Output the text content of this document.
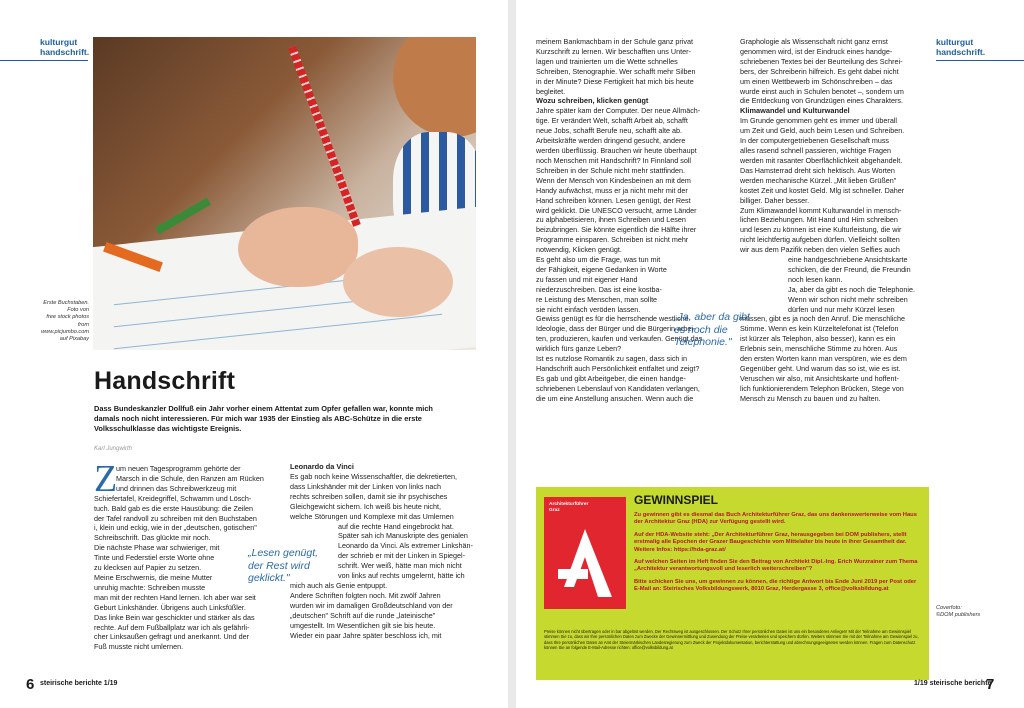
kulturgut
handschrift.
Erste Buchstaben.
Foto von
free stock photos
from
www.picjumbo.com
auf Pixabay
Handschrift
Dass Bundeskanzler Dollfuß ein Jahr vorher einem Attentat zum Opfer gefallen war, konnte mich damals noch nicht interessieren. Für mich war 1935 der Einstieg als ABC-Schütze in die erste Volksschulklasse das wichtigste Ereignis.
Karl Jungwirth
Z

um neuen Tagesprogramm gehörte der

Marsch in die Schule, den Ranzen am Rücken

und drinnen das Schreibwerkzeug mit

Schiefertafel, Kreidegriffel, Schwamm und Lösch-

tuch. Bald gab es die erste Hausübung: die Zeilen

der Tafel randvoll zu schreiben mit den Buchstaben

i, klein und eckig, wie in der „deutschen, gotischen"

Schreibschrift. Das glückte mir noch.

Die nächste Phase war schwieriger, mit

Tinte und Federstiel erste Worte ohne

zu klecksen auf Papier zu setzen.

Meine Erschwernis, die meine Mutter

unruhig machte: Schreiben musste

man mit der rechten Hand lernen. Ich aber war seit

Geburt Linkshänder. Übrigens auch Linksfüßler.

Das linke Bein war geschickter und stärker als das

rechte. Auf dem Fußballplatz war ich als gefährli-

cher Linksaußen gefragt und anerkannt. Und der

Fuß musste nicht umlernen.

„Lesen genügt, der Rest wird geklickt."

Leonardo da Vinci

Es gab noch keine Wissenschaftler, die dekretierten,

dass Linkshänder mit der Linken von links nach

rechts schreiben sollen, damit sie ihr psychisches

Gleichgewicht sichern. Ich weiß bis heute nicht,

welche Störungen und Komplexe mit das Umlernen

auf die rechte Hand eingebrockt hat.

Später sah ich Manuskripte des genialen

Leonardo da Vinci. Als extremer Linkshän-

der schrieb er mit der Linken in Spiegel-

schrift. Wer weiß, hätte man mich nicht

von links auf rechts umgelernt, hätte ich

mich auch als Genie entpuppt.

Andere Schriften folgten noch. Mit zwölf Jahren

wurden wir im damaligen Großdeutschland von der

„deutschen" Schrift auf die runde „lateinische"

umgestellt. Im Wesentlichen gilt sie bis heute.

Wieder ein paar Jahre später beschloss ich, mit

6 steirische berichte 1/19

meinem Bankmachbarn in der Schule ganz privat

Kurzschrift zu lernen. Wir beschafften uns Unter-

lagen und trainierten um die Wette schnelles

Schreiben, Stenographie. Wer schafft mehr Silben

in der Minute? Diese Fertigkeit hat mich bis heute

begleitet.

Wozu schreiben, klicken genügt

Jahre später kam der Computer. Der neue Allmäch-

tige. Er verändert Welt, schafft Arbeit ab, schafft

neue Jobs, schafft Berufe neu, schafft alte ab.

Arbeitskräfte werden dringend gesucht, andere

werden überflüssig. Brauchen wir heute überhaupt

noch Menschen mit Handschrift? In Finnland soll

Schreiben in der Schule nicht mehr stattfinden.

Wenn der Mensch von Kindesbeinen an mit dem

Handy aufwächst, muss er ja nicht mehr mit der

Hand schreiben können. Lesen genügt, der Rest

wird geklickt. Die UNESCO versucht, arme Länder

zu alphabetisieren, ihnen Schreiben und Lesen

beizubringen. Sie könnte eigentlich die Hälfte ihrer

Programme einsparen. Schreiben ist nicht mehr

notwendig, Klicken genügt.

Es geht also um die Frage, was tun mit

der Fähigkeit, eigene Gedanken in Worte

zu fassen und mit eigener Hand

niederzuschreiben. Das ist eine kostba-

re Leistung des Menschen, man sollte

sie nicht einfach veröden lassen.

Gewiss genügt es für die herrschende westliche

Ideologie, dass der Bürger und die Bürgerin arbei-

ten, produzieren, kaufen und verkaufen. Genügt das

wirklich fürs ganze Leben?

Ist es nutzlose Romantik zu sagen, dass sich in

Handschrift auch Persönlichkeit entfaltet und zeigt?

Es gab und gibt Arbeitgeber, die einen handge-

schriebenen Lebenslauf von Kandidaten verlangen,

die um eine Anstellung ansuchen. Wenn auch die

„Ja, aber da gibt es noch die Telephonie."

Graphologie als Wissenschaft nicht ganz ernst

genommen wird, ist der Eindruck eines handge-

schriebenen Textes bei der Beurteilung des Schrei-

bers, der Schreiberin hilfreich. Es geht dabei nicht

um einen Wettbewerb im Schönschreiben – das

wurde einst auch in Schulen benotet –, sondern um

die Entdeckung von Grundzügen eines Charakters.

Klimawandel und Kulturwandel

Im Grunde genommen geht es immer und überall

um Zeit und Geld, auch beim Lesen und Schreiben.

In der computergetriebenen Gesellschaft muss

alles rasend schnell passieren, wichtige Fragen

werden mit rasanter Oberflächlichkeit abgehandelt.

Das Hamsterrad dreht sich hektisch. Aus Worten

werden mechanische Kürzel. „Mit lieben Grüßen"

kostet Zeit und kostet Geld. Mlg ist schneller. Daher

billiger. Daher besser.

Zum Klimawandel kommt Kulturwandel in mensch-

lichen Beziehungen. Mit Hand und Hirn schreiben

und lesen zu können ist eine Kulturleistung, die wir

nicht leichtfertig aufgeben dürfen. Vielleicht sollten

wir aus dem Pazifik neben den vielen Selfies auch

eine handgeschriebene Ansichtskarte

schicken, die der Freund, die Freundin

noch lesen kann.

Ja, aber da gibt es noch die Telephonie.

Wenn wir schon nicht mehr schreiben

dürfen und nur mehr Kürzel lesen

müssen, gibt es ja noch den Anruf. Die menschliche

Stimme. Wenn es kein Kürzeltelefonat ist (Telefon

ist kürzer als Telephon, also besser), kann es ein

Erlebnis sein, menschliche Stimme zu hören. Aus

den ersten Worten kann man verspüren, wie es dem

Gegenüber geht. Und warum das so ist, wie es ist.

Veruschen wir also, mit Ansichtskarte und hoffent-

lich funktionierendem Telephon Brücken, Stege von

Mensch zu Mensch zu bauen und zu halten.

kulturgut
handschrift.
Architekturführer
Graz
GEWINNSPIEL

Zu gewinnen gibt es diesmal das Buch Architekturführer Graz, das uns dankenswerterweise vom Haus der Architektur Graz (HDA) zur Verfügung gestellt wird.

Auf der HDA-Website steht: „Der Architekturführer Graz, herausgegeben bei DOM publishers, stellt erstmalig alle Epochen der Grazer Baugeschichte vom Mittelalter bis heute in ihrer Gesamtheit dar. Weitere Infos: https://hda-graz.at/

Auf welchen Seiten im Heft finden Sie den Beitrag von Architekt Dipl.-Ing. Erich Wurzrainer zum Thema „Architektur verantwortungsvoll und leserlich weiterschreiben"?

Bitte schicken Sie uns, um gewinnen zu können, die richtige Antwort bis Ende Juni 2019 per Post oder E-Mail an: Steirisches Volksbildungswerk, 8010 Graz, Herdergasse 3, office@volksbildung.at

Preise können nicht übertragen oder in bar abgelöst werden. Der Rechtsweg ist ausgeschlossen. Der Schutz Ihrer persönlichen Daten ist uns ein besonderes Anliegen! Mit der Teilnahme am Gewinnspiel stimmen Sie zu, dass wir Ihre persönlichen Daten zum Zwecke der Gewinnermittlung und Zusendung der Preise verarbeiten und speichern dürfen. Weiters stimmen Sie mit der Teilnahme am Gewinnspiel zu, dass Ihre persönlichen Daten an Amt der Steiermärkischen Landesregierung zum Zweck der Projektdokumentation, berichterstattung und abrechnungsgeeigneten werden können. Fragen zum Datenschutz können Sie an folgende E-Mail-Adresse richten: office@volksbildung.at
Coverfoto:
©DOM publishers
1/19 steirische berichte
7
